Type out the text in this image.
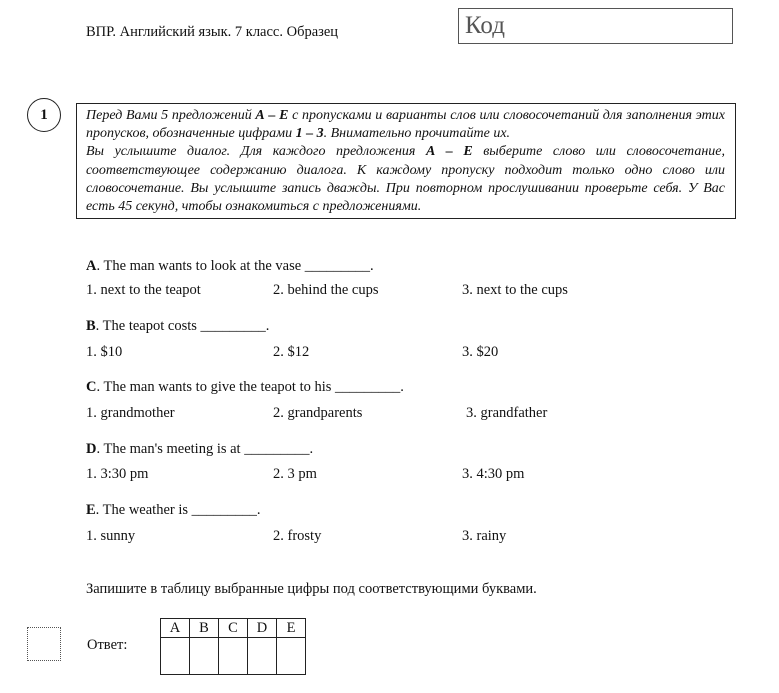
ВПР. Английский язык. 7 класс. Образец	Код
1	Перед Вами 5 предложений А – Е с пропусками и варианты слов или словосочетаний для заполнения этих пропусков, обозначенные цифрами 1 – 3. Внимательно прочитайте их.
Вы услышите диалог. Для каждого предложения А – Е выберите слово или словосочетание, соответствующее содержанию диалога. К каждому пропуску подходит только одно слово или словосочетание. Вы услышите запись дважды. При повторном прослушивании проверьте себя. У Вас есть 45 секунд, чтобы ознакомиться с предложениями.
A. The man wants to look at the vase _________.
1. next to the teapot	2. behind the cups	3. next to the cups
B. The teapot costs _________.
1. $10	2. $12	3. $20
C. The man wants to give the teapot to his _________.
1. grandmother	2. grandparents	3. grandfather
D. The man's meeting is at _________.
1. 3:30 pm	2. 3 pm	3. 4:30 pm
E. The weather is _________.
1. sunny	2. frosty	3. rainy
Запишите в таблицу выбранные цифры под соответствующими буквами.
Ответ:
A	B	C	D	E
